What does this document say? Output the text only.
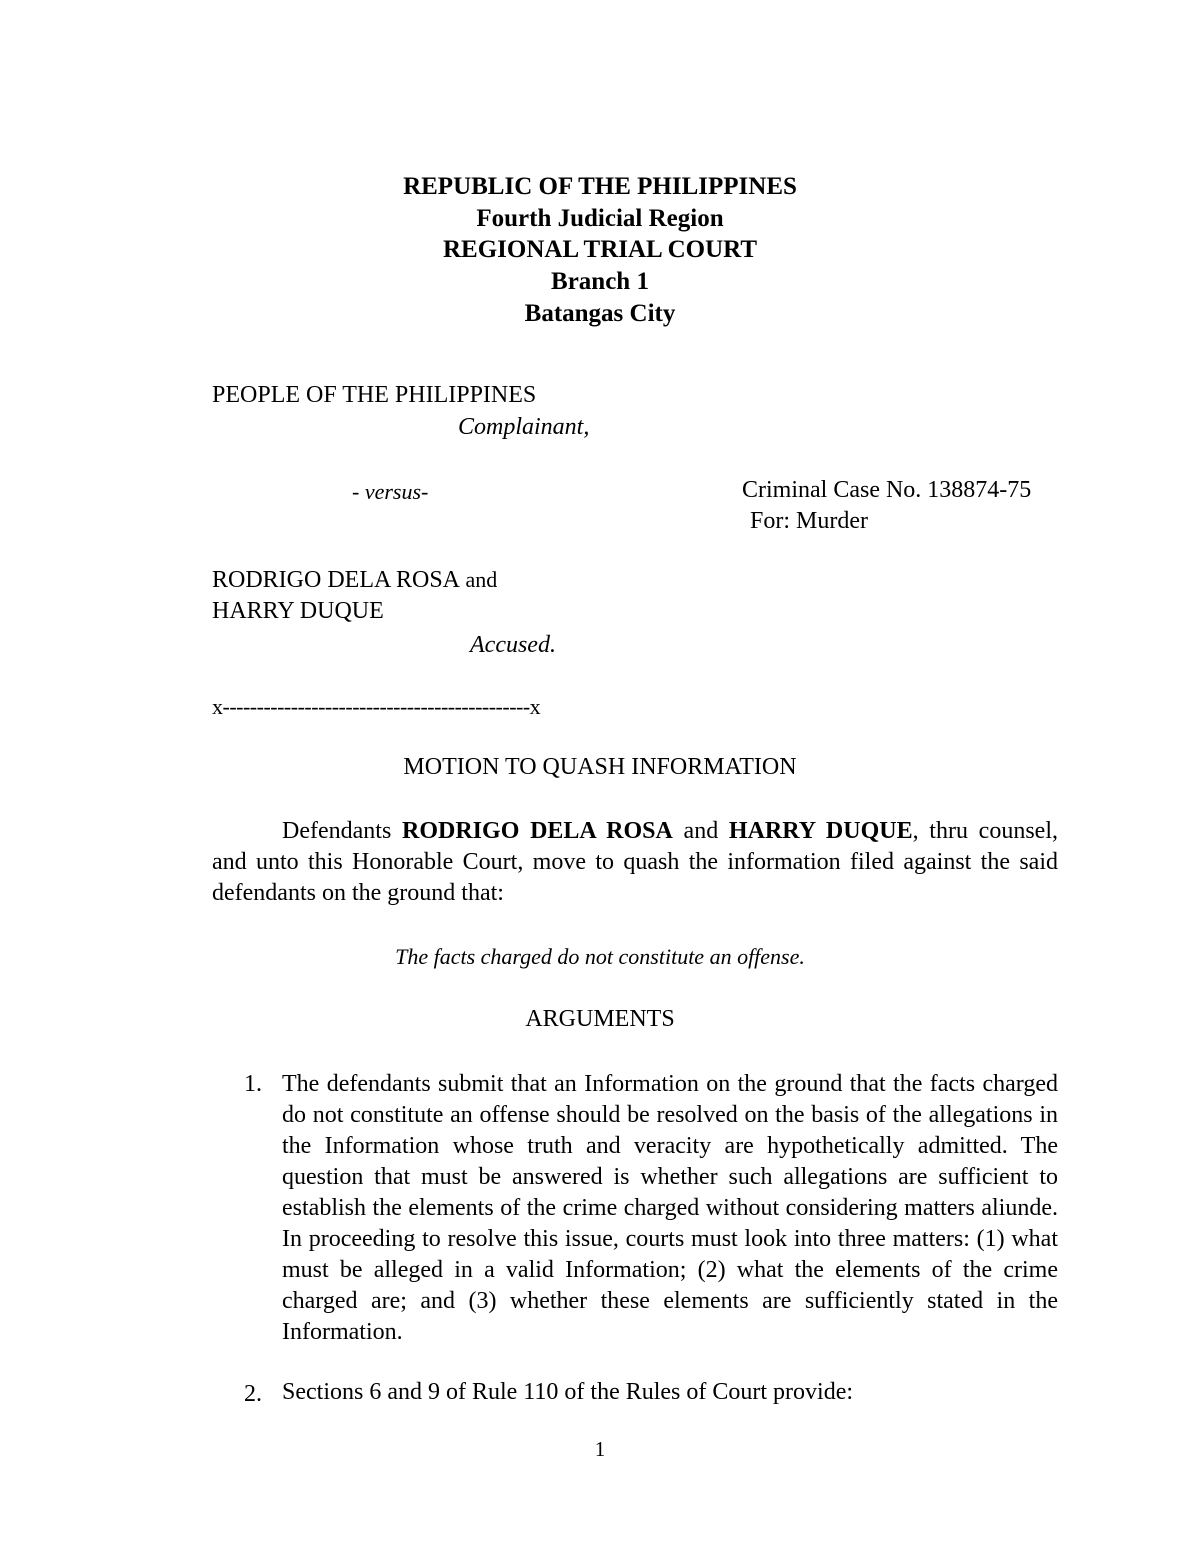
REPUBLIC OF THE PHILIPPINES
Fourth Judicial Region
REGIONAL TRIAL COURT
Branch 1
Batangas City
PEOPLE OF THE PHILIPPINES
Complainant,
- versus-	Criminal Case No. 138874-75
For: Murder
RODRIGO DELA ROSA and
HARRY DUQUE
Accused.
x---------------------------------------------x
MOTION TO QUASH INFORMATION
Defendants RODRIGO DELA ROSA and HARRY DUQUE, thru counsel, and unto this Honorable Court, move to quash the information filed against the said defendants on the ground that:
The facts charged do not constitute an offense.
ARGUMENTS
1. The defendants submit that an Information on the ground that the facts charged do not constitute an offense should be resolved on the basis of the allegations in the Information whose truth and veracity are hypothetically admitted. The question that must be answered is whether such allegations are sufficient to establish the elements of the crime charged without considering matters aliunde. In proceeding to resolve this issue, courts must look into three matters: (1) what must be alleged in a valid Information; (2) what the elements of the crime charged are; and (3) whether these elements are sufficiently stated in the Information.
2. Sections 6 and 9 of Rule 110 of the Rules of Court provide:
1
